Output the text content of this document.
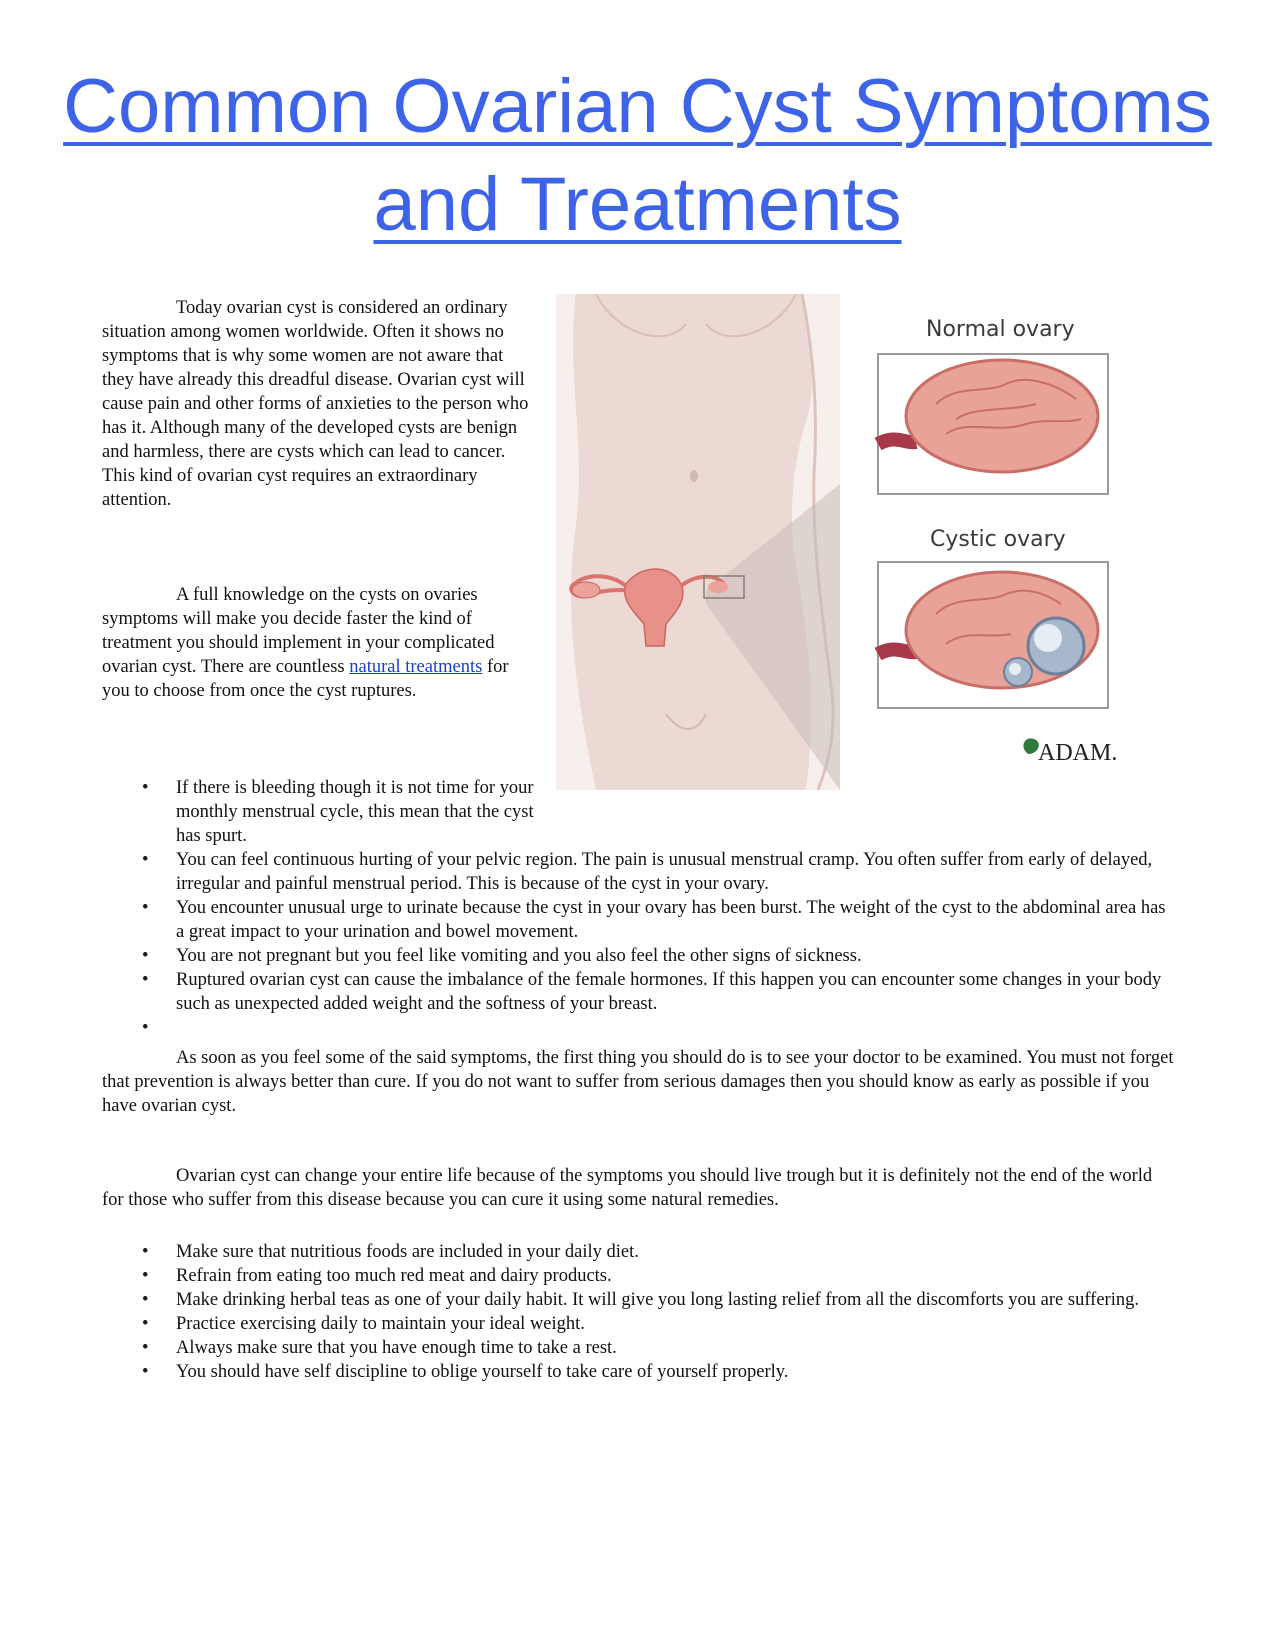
Common Ovarian Cyst Symptoms and Treatments

Today ovarian cyst is considered an ordinary situation among women worldwide. Often it shows no symptoms that is why some women are not aware that they have already this dreadful disease. Ovarian cyst will cause pain and other forms of anxieties to the person who has it. Although many of the developed cysts are benign and harmless, there are cysts which can lead to cancer. This kind of ovarian cyst requires an extraordinary attention.

A full knowledge on the cysts on ovaries symptoms will make you decide faster the kind of treatment you should implement in your complicated ovarian cyst. There are countless natural treatments for you to choose from once the cyst ruptures.

Normal ovary
Cystic ovary
ADAM.
• If there is bleeding though it is not time for your monthly menstrual cycle, this mean that the cyst has spurt.
• You can feel continuous hurting of your pelvic region. The pain is unusual menstrual cramp. You often suffer from early of delayed, irregular and painful menstrual period. This is because of the cyst in your ovary.
• You encounter unusual urge to urinate because the cyst in your ovary has been burst. The weight of the cyst to the abdominal area has a great impact to your urination and bowel movement.
• You are not pregnant but you feel like vomiting and you also feel the other signs of sickness.
• Ruptured ovarian cyst can cause the imbalance of the female hormones. If this happen you can encounter some changes in your body such as unexpected added weight and the softness of your breast.
•

As soon as you feel some of the said symptoms, the first thing you should do is to see your doctor to be examined. You must not forget that prevention is always better than cure. If you do not want to suffer from serious damages then you should know as early as possible if you have ovarian cyst.

Ovarian cyst can change your entire life because of the symptoms you should live trough but it is definitely not the end of the world for those who suffer from this disease because you can cure it using some natural remedies.

• Make sure that nutritious foods are included in your daily diet.
• Refrain from eating too much red meat and dairy products.
• Make drinking herbal teas as one of your daily habit. It will give you long lasting relief from all the discomforts you are suffering.
• Practice exercising daily to maintain your ideal weight.
• Always make sure that you have enough time to take a rest.
• You should have self discipline to oblige yourself to take care of yourself properly.
